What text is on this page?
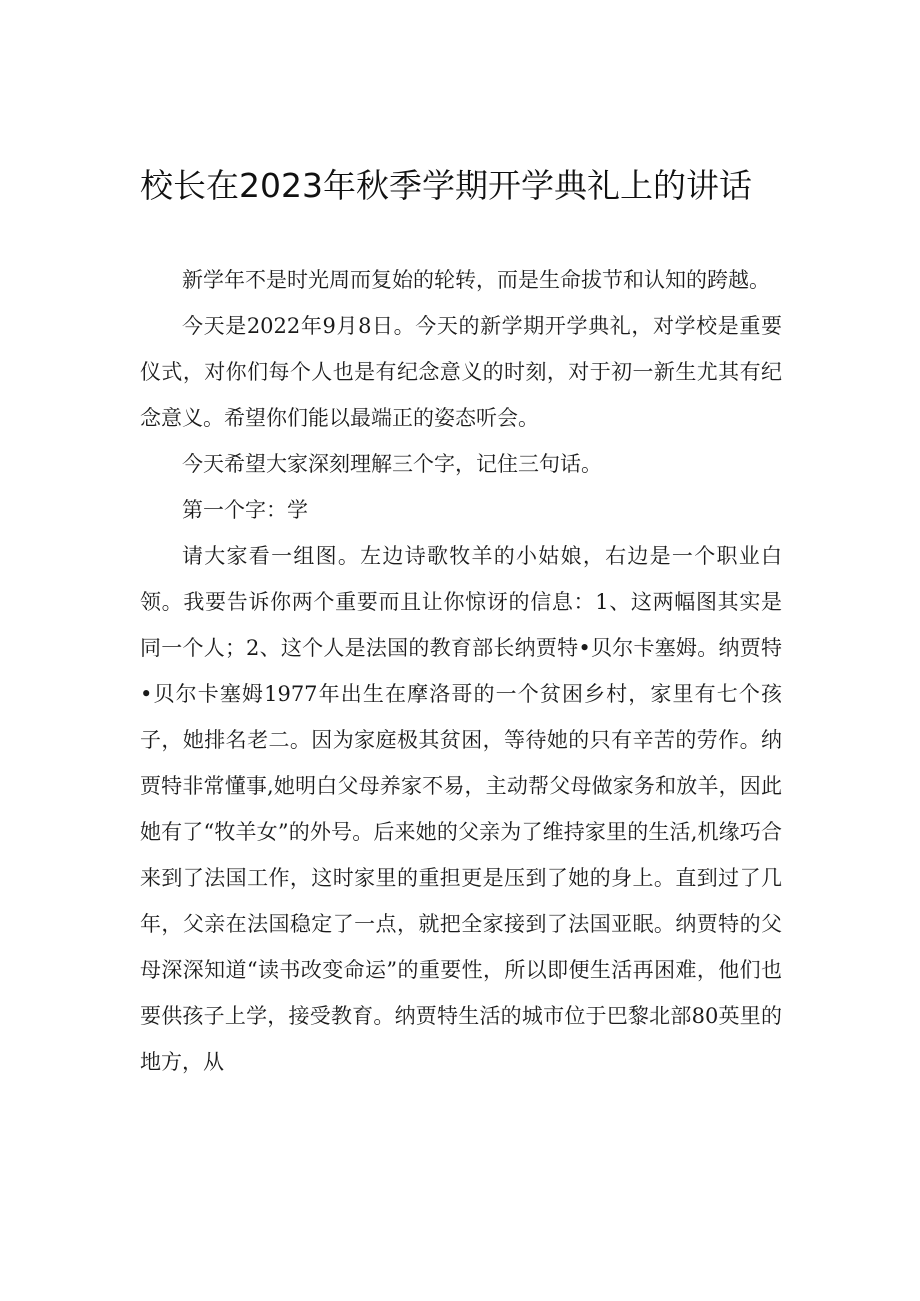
校长在2023年秋季学期开学典礼上的讲话

新学年不是时光周而复始的轮转，而是生命拔节和认知的跨越。

今天是2022年9月8日。今天的新学期开学典礼，对学校是重要仪式，对你们每个人也是有纪念意义的时刻，对于初一新生尤其有纪念意义。希望你们能以最端正的姿态听会。

今天希望大家深刻理解三个字，记住三句话。

第一个字：学

请大家看一组图。左边诗歌牧羊的小姑娘，右边是一个职业白领。我要告诉你两个重要而且让你惊讶的信息：1、这两幅图其实是同一个人；2、这个人是法国的教育部长纳贾特•贝尔卡塞姆。纳贾特•贝尔卡塞姆1977年出生在摩洛哥的一个贫困乡村，家里有七个孩子，她排名老二。因为家庭极其贫困，等待她的只有辛苦的劳作。纳贾特非常懂事,她明白父母养家不易，主动帮父母做家务和放羊，因此她有了“牧羊女”的外号。后来她的父亲为了维持家里的生活,机缘巧合来到了法国工作，这时家里的重担更是压到了她的身上。直到过了几年，父亲在法国稳定了一点，就把全家接到了法国亚眠。纳贾特的父母深深知道“读书改变命运”的重要性，所以即便生活再困难，他们也要供孩子上学，接受教育。纳贾特生活的城市位于巴黎北部80英里的地方，从
